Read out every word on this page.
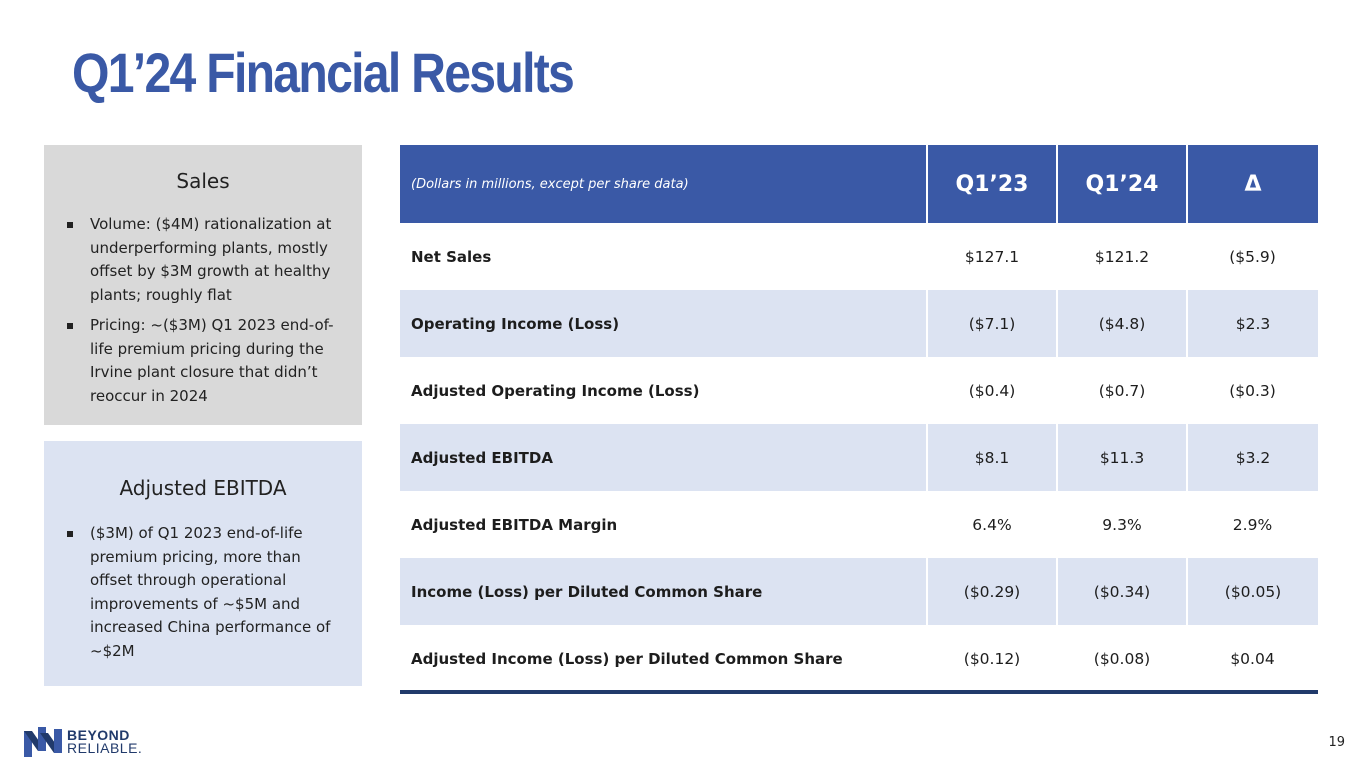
Q1’24 Financial Results
Sales
Volume: ($4M) rationalization at underperforming plants, mostly offset by $3M growth at healthy plants; roughly flat
Pricing: ~($3M) Q1 2023 end-of-life premium pricing during the Irvine plant closure that didn’t reoccur in 2024
Adjusted EBITDA
($3M) of Q1 2023 end-of-life premium pricing, more than offset through operational improvements of ~$5M and increased China performance of ~$2M
(Dollars in millions, except per share data)	Q1’23	Q1’24	Δ
Net Sales	$127.1	$121.2	($5.9)
Operating Income (Loss)	($7.1)	($4.8)	$2.3
Adjusted Operating Income (Loss)	($0.4)	($0.7)	($0.3)
Adjusted EBITDA	$8.1	$11.3	$3.2
Adjusted EBITDA Margin	6.4%	9.3%	2.9%
Income (Loss) per Diluted Common Share	($0.29)	($0.34)	($0.05)
Adjusted Income (Loss) per Diluted Common Share	($0.12)	($0.08)	$0.04
BEYOND
RELIABLE.	19
